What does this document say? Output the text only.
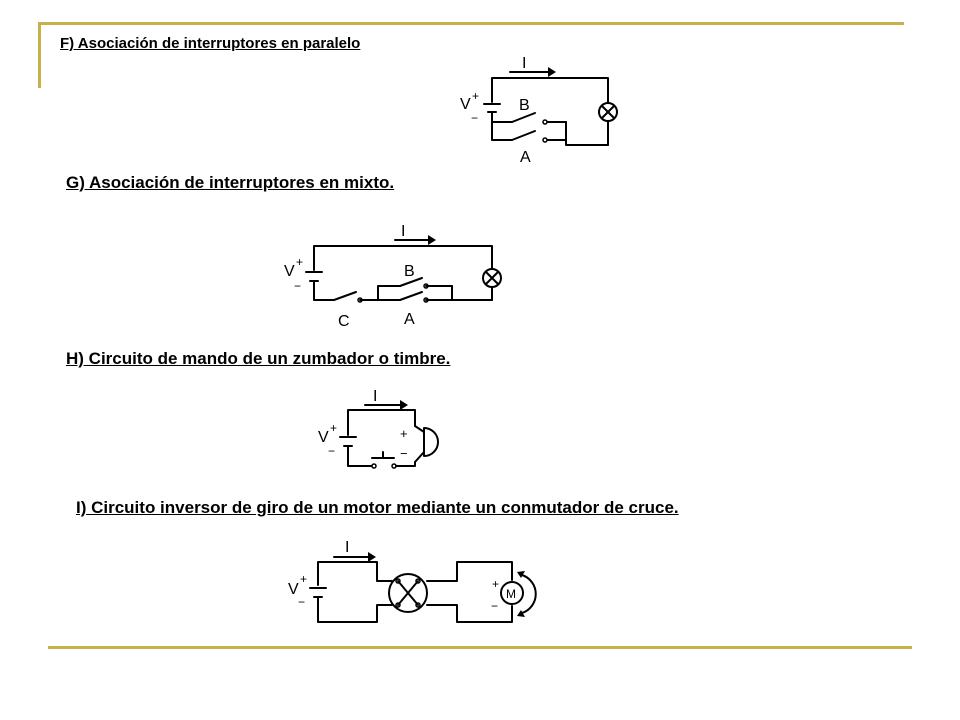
F) Asociación de interruptores en paralelo
G) Asociación de interruptores en mixto.
H) Circuito de mando de un zumbador o timbre.
I) Circuito inversor de giro de un motor mediante un conmutador de cruce.
I
V +
−
B
A
I
V
+
−
B
C	A
I
V
+
−
+
−
I
V
+
−
M
+
−
